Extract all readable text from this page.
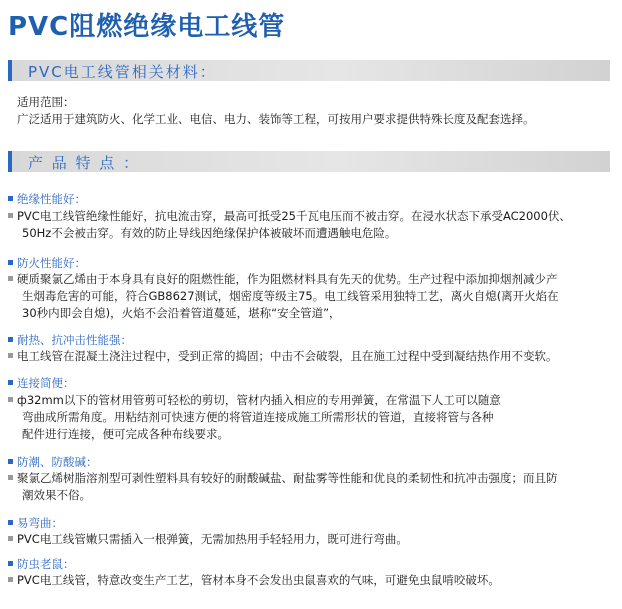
PVC阻燃绝缘电工线管
PVC电工线管相关材料：
适用范围：
广泛适用于建筑防火、化学工业、电信、电力、装饰等工程，可按用户要求提供特殊长度及配套选择。
产 品 特 点 ：
绝缘性能好：
PVC电工线管绝缘性能好，抗电流击穿，最高可抵受25千瓦电压而不被击穿。在浸水状态下承受AC2000伏、
50Hz不会被击穿。有效的防止导线因绝缘保护体被破坏而遭遇触电危险。
防火性能好：
硬质聚氯乙烯由于本身具有良好的阻燃性能，作为阻燃材料具有先天的优势。生产过程中添加抑烟剂减少产
生烟毒危害的可能，符合GB8627测试，烟密度等级主75。电工线管采用独特工艺，离火自熄(离开火焰在
30秒内即会自熄)，火焰不会沿着管道蔓延，堪称“安全管道”，
耐热、抗冲击性能强：
电工线管在混凝土浇注过程中，受到正常的捣固；中击不会破裂，且在施工过程中受到凝结热作用不变软。
连接简便：
ф32mm以下的管材用管剪可轻松的剪切，管材内插入相应的专用弹簧，在常温下人工可以随意
弯曲成所需角度。用粘结剂可快速方便的将管道连接成施工所需形状的管道，直接将管与各种
配件进行连接，便可完成各种布线要求。
防潮、防酸碱：
聚氯乙烯树脂溶剂型可剥性塑料具有较好的耐酸碱盐、耐盐雾等性能和优良的柔韧性和抗冲击强度；而且防
潮效果不俗。
易弯曲：
PVC电工线管嫩只需插入一根弹簧，无需加热用手轻轻用力，既可进行弯曲。
防虫老鼠：
PVC电工线管，特意改变生产工艺，管材本身不会发出虫鼠喜欢的气味，可避免虫鼠啃咬破坏。
